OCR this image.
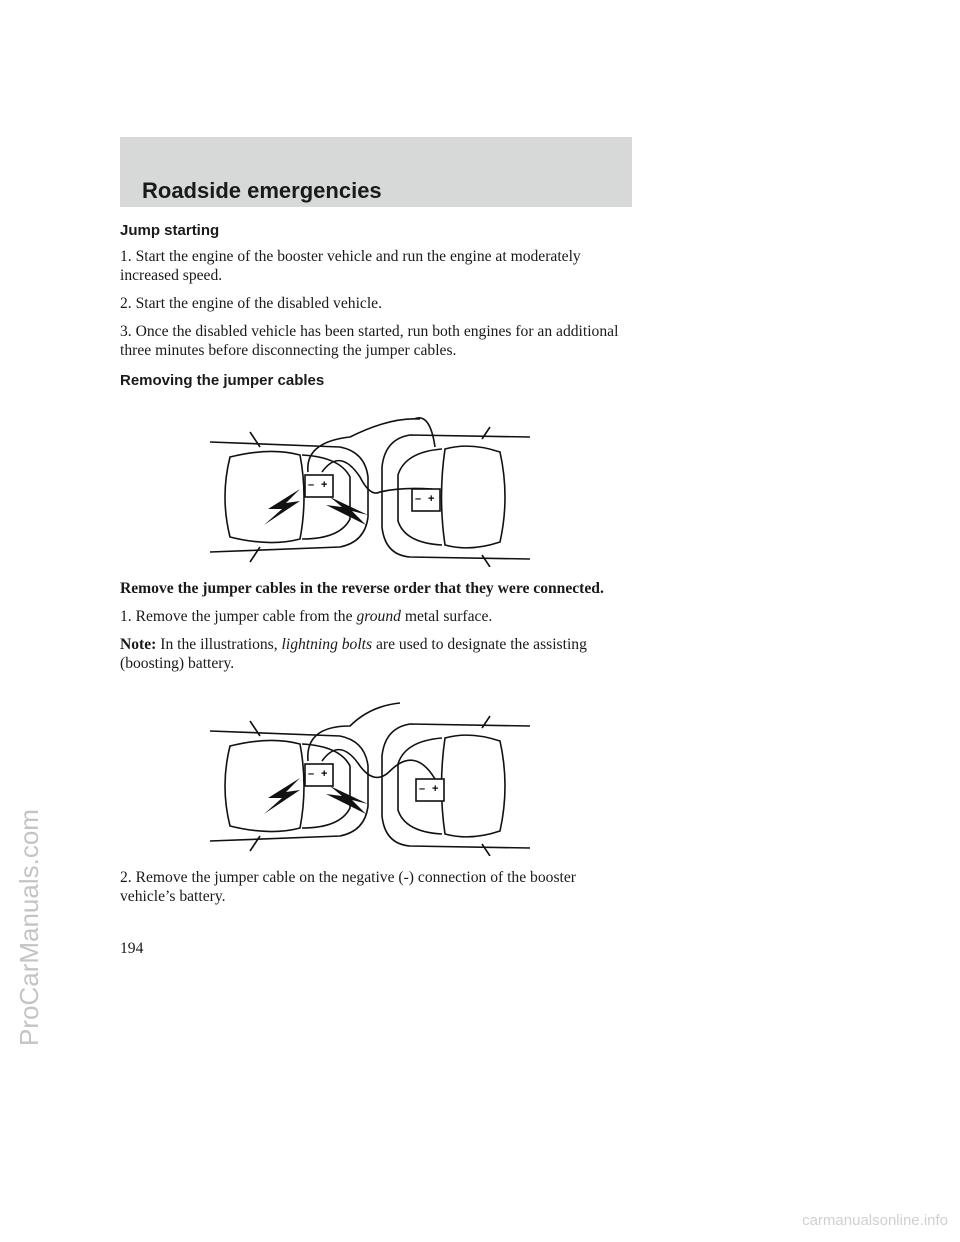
Roadside emergencies
Jump starting

1. Start the engine of the booster vehicle and run the engine at moderately increased speed.

2. Start the engine of the disabled vehicle.

3. Once the disabled vehicle has been started, run both engines for an additional three minutes before disconnecting the jumper cables.

Removing the jumper cables
– +
– +

Remove the jumper cables in the reverse order that they were connected.

1. Remove the jumper cable from the ground metal surface.

Note: In the illustrations, lightning bolts are used to designate the assisting (boosting) battery.

– +
– +

2. Remove the jumper cable on the negative (-) connection of the booster vehicle’s battery.

194
ProCarManuals.com
carmanualsonline.info
